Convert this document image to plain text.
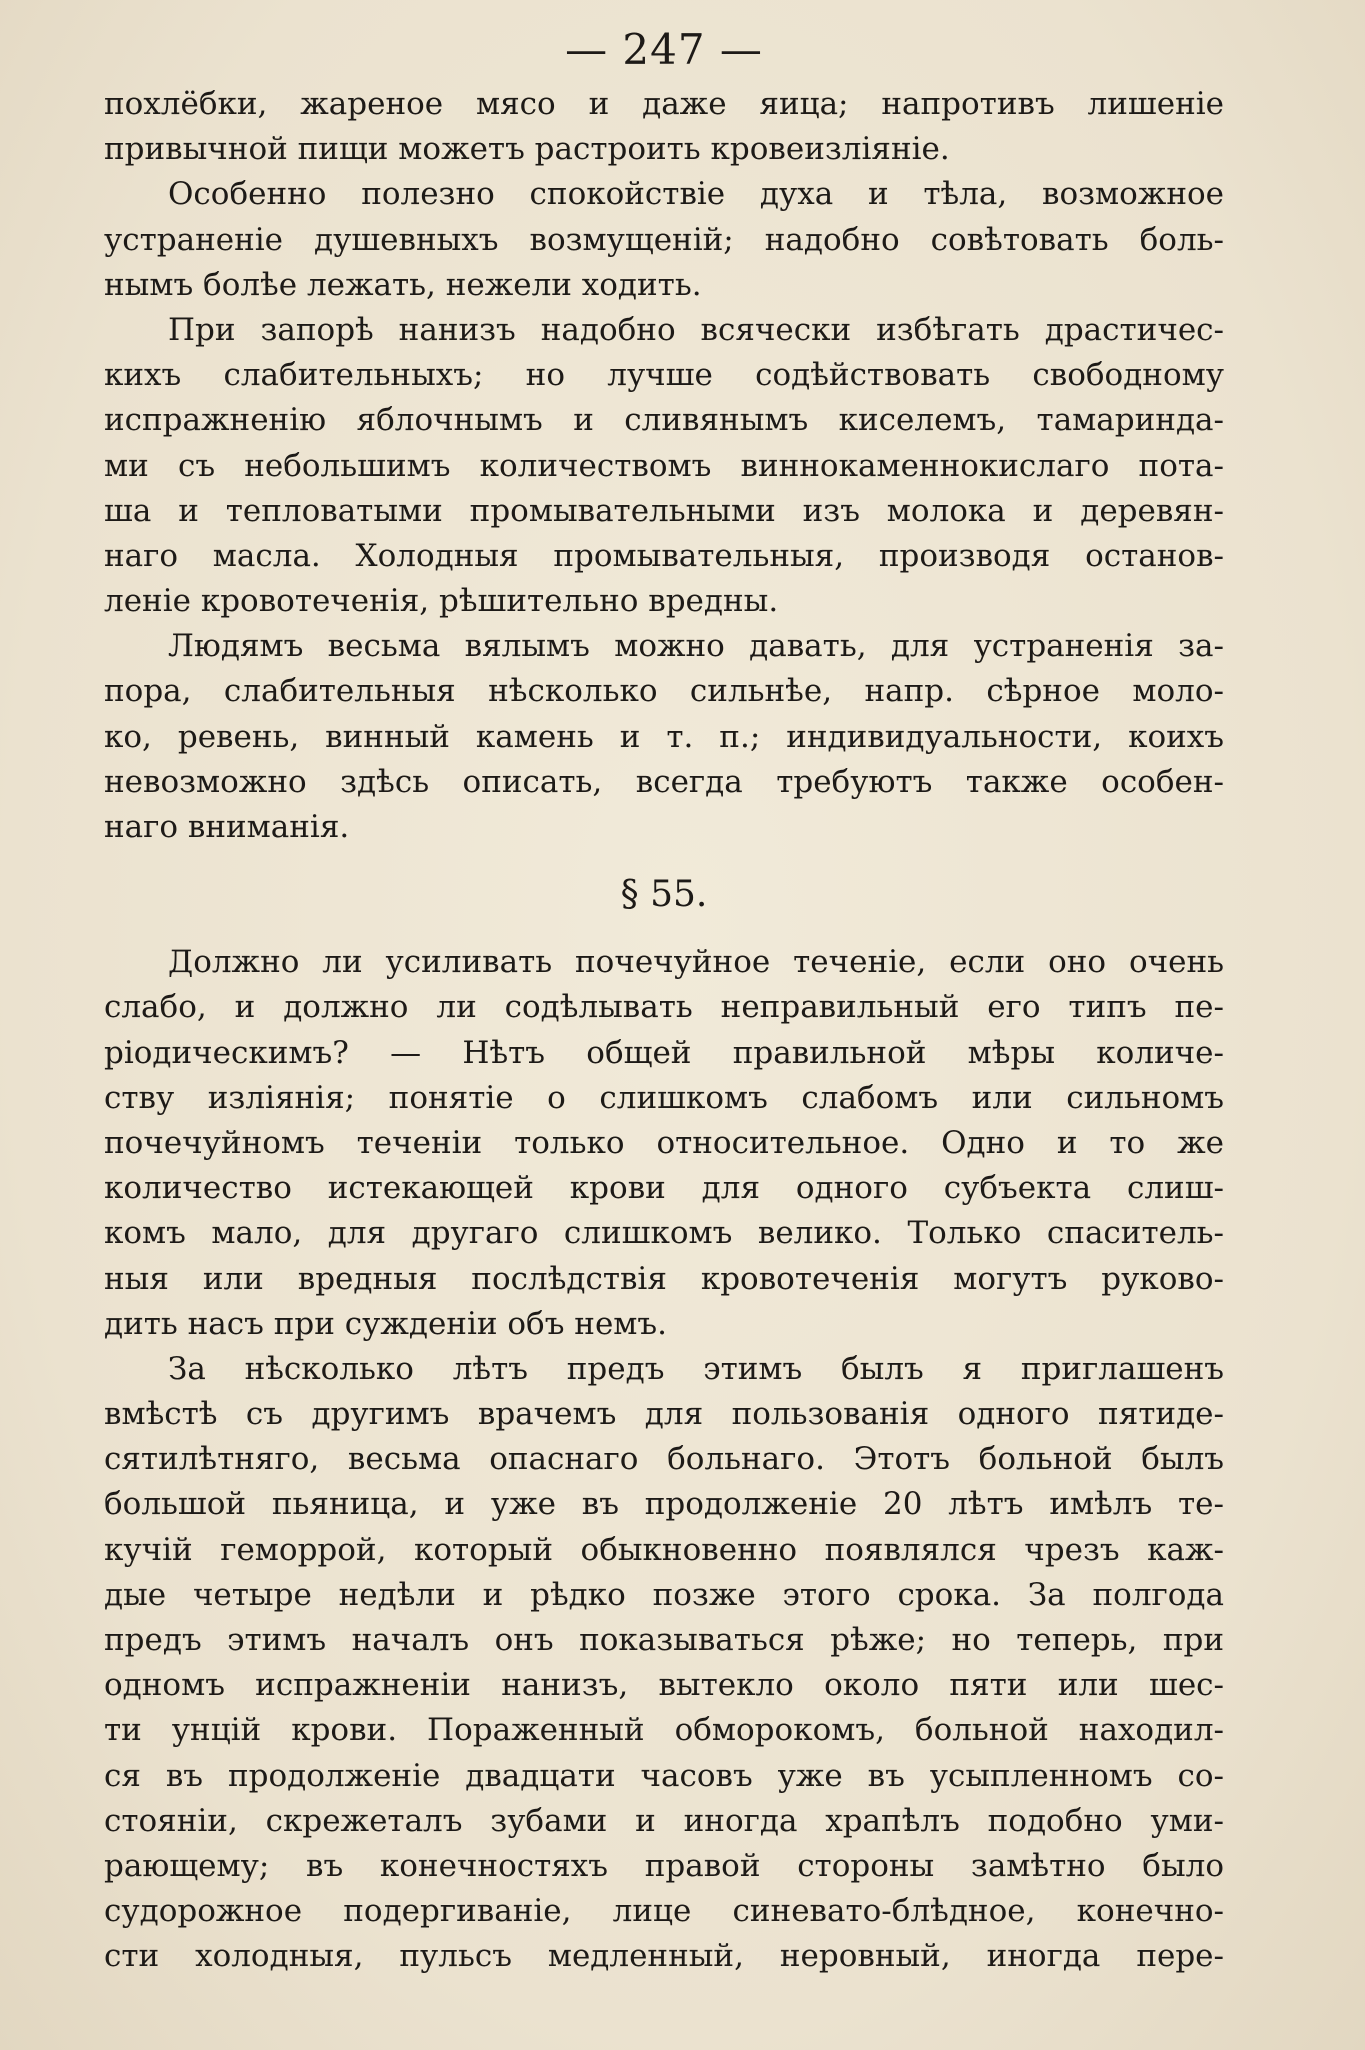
— 247 —
похлёбки, жареное мясо и даже яица; напротивъ лишеніе
привычной пищи можетъ растроить кровеизліяніе.
Особенно полезно спокойствіе духа и тѣла, возможное
устраненіе душевныхъ возмущеній; надобно совѣтовать боль-
нымъ болѣе лежать, нежели ходить.
При запорѣ нанизъ надобно всячески избѣгать драстичес-
кихъ слабительныхъ; но лучше содѣйствовать свободному
испражненію яблочнымъ и сливянымъ киселемъ, тамариндa-
ми съ небольшимъ количествомъ виннокаменнокислаго пота-
ша и тепловатыми промывательными изъ молока и деревян-
наго масла. Холодныя промывательныя, производя останов-
леніе кровотеченія, рѣшительно вредны.
Людямъ весьма вялымъ можно давать, для устраненія за-
пора, слабительныя нѣсколько сильнѣе, напр. сѣрное моло-
ко, ревень, винный камень и т. п.; индивидуальности, коихъ
невозможно здѣсь описать, всегда требуютъ также особен-
наго вниманія.
§ 55.
Должно ли усиливать почечуйное теченіе, если оно очень
слабо, и должно ли содѣлывать неправильный его типъ пе-
ріодическимъ? — Нѣтъ общей правильной мѣры количе-
ству изліянія; понятіе о слишкомъ слабомъ или сильномъ
почечуйномъ теченіи только относительное. Одно и то же
количество истекающей крови для одного субъекта слиш-
комъ мало, для другаго слишкомъ велико. Только спаситель-
ныя или вредныя послѣдствія кровотеченія могутъ руково-
дить насъ при сужденіи объ немъ.
За нѣсколько лѣтъ предъ этимъ былъ я приглашенъ
вмѣстѣ съ другимъ врачемъ для пользованія одного пятиде-
сятилѣтняго, весьма опаснаго больнаго. Этотъ больной былъ
большой пьяница, и уже въ продолженіе 20 лѣтъ имѣлъ те-
кучій геморрой, который обыкновенно появлялся чрезъ каж-
дые четыре недѣли и рѣдко позже этого срока. За полгода
предъ этимъ началъ онъ показываться рѣже; но теперь, при
одномъ испражненіи нанизъ, вытекло около пяти или шес-
ти унцій крови. Пораженный обморокомъ, больной находил-
ся въ продолженіе двадцати часовъ уже въ усыпленномъ со-
стояніи, скрежеталъ зубами и иногда храпѣлъ подобно уми-
рающему; въ конечностяхъ правой стороны замѣтно было
судорожное подергиваніе, лице синевато-блѣдное, конечно-
сти холодныя, пульсъ медленный, неровный, иногда пере-
